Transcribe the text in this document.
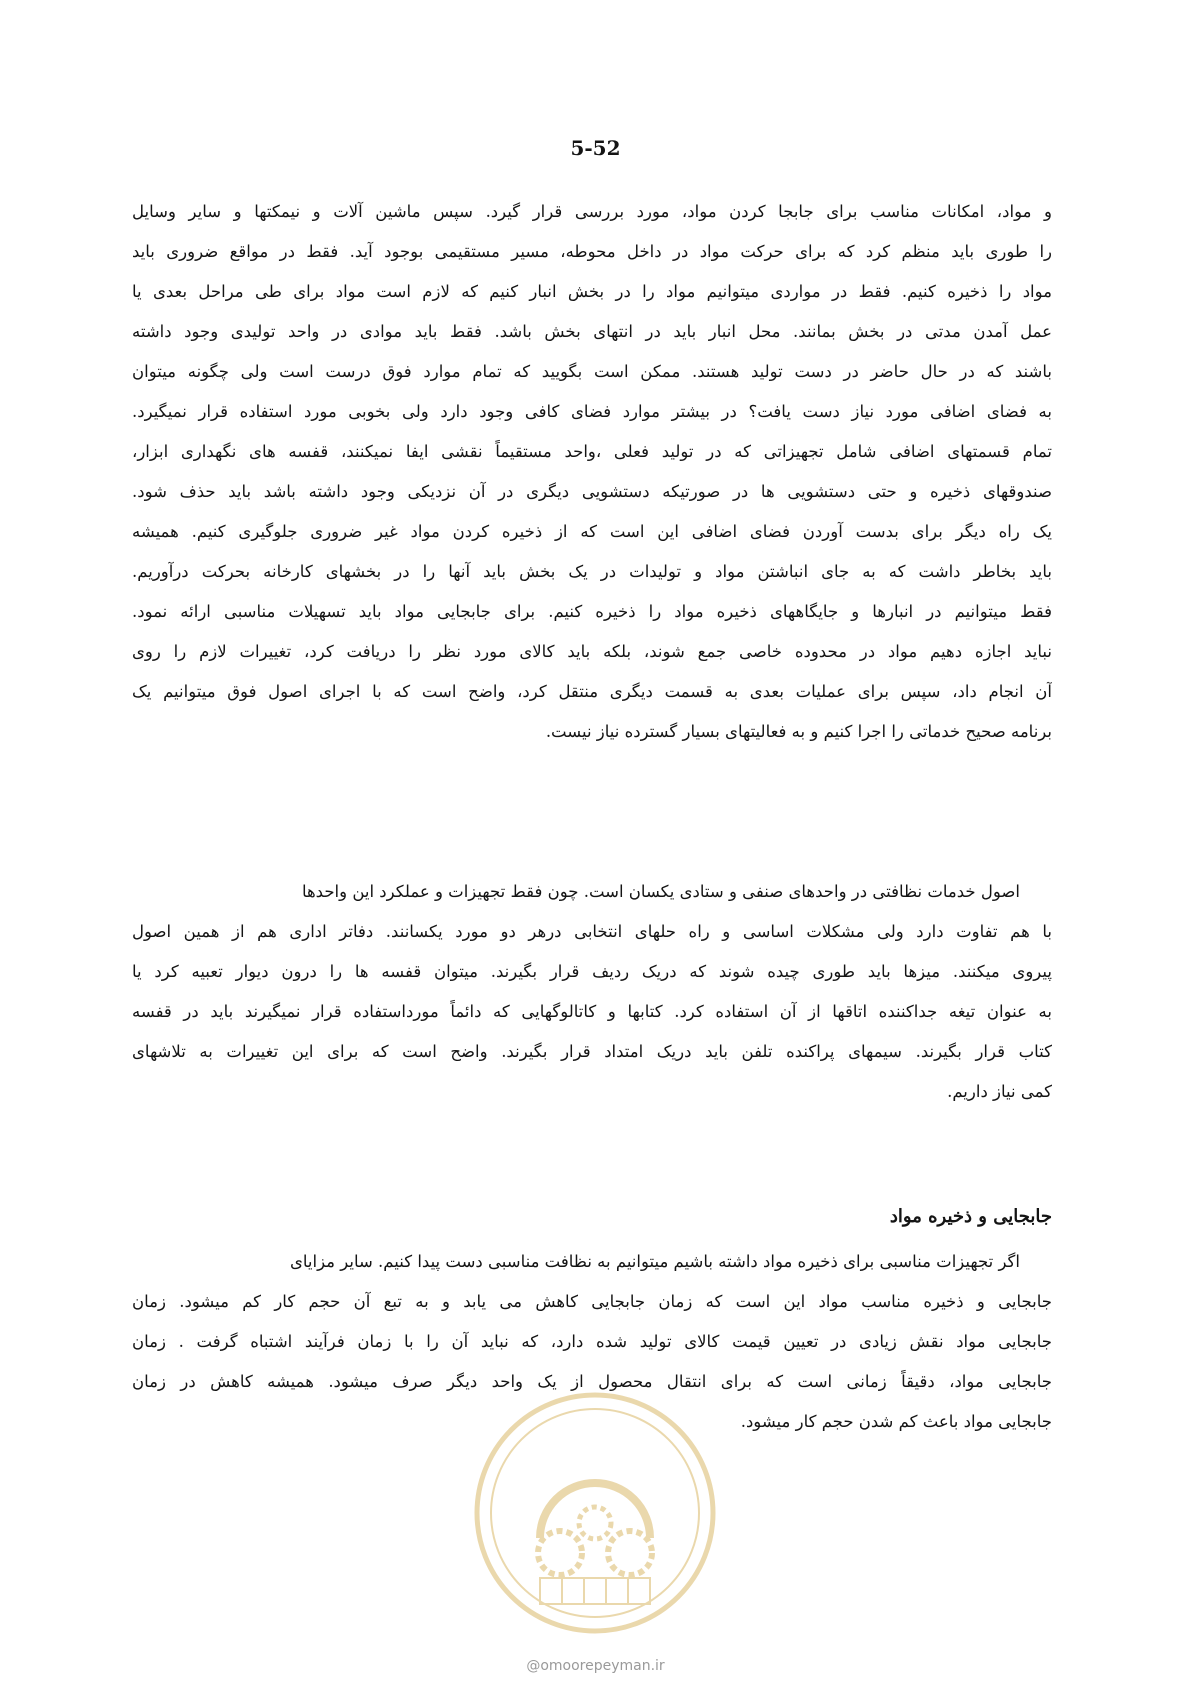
5-52
و مواد، امکانات مناسب برای جابجا کردن مواد، مورد بررسی قرار گیرد. سپس ماشین آلات و نیمکتها و سایر وسایل
را طوری باید منظم کرد که برای حرکت مواد در داخل محوطه، مسیر مستقیمی بوجود آید. فقط در مواقع ضروری باید
مواد را ذخیره کنیم. فقط در مواردی میتوانیم مواد را در بخش انبار کنیم که لازم است مواد برای طی مراحل بعدی یا
عمل آمدن مدتی در بخش بمانند. محل انبار باید در انتهای بخش باشد. فقط باید موادی در واحد تولیدی وجود داشته
باشند که در حال حاضر در دست تولید هستند. ممکن است بگویید که تمام موارد فوق درست است ولی چگونه میتوان
به فضای اضافی مورد نیاز دست یافت؟ در بیشتر موارد فضای کافی وجود دارد ولی بخوبی مورد استفاده قرار نمیگیرد.
تمام قسمتهای اضافی شامل تجهیزاتی که در تولید فعلی ،واحد مستقیماً نقشی ایفا نمیکنند، قفسه های نگهداری ابزار،
صندوقهای ذخیره و حتی دستشویی ها در صورتیکه دستشویی دیگری در آن نزدیکی وجود داشته باشد باید حذف شود.
یک راه دیگر برای بدست آوردن فضای اضافی این است که از ذخیره کردن مواد غیر ضروری جلوگیری کنیم. همیشه
باید بخاطر داشت که به جای انباشتن مواد و تولیدات در یک بخش باید آنها را در بخشهای کارخانه بحرکت درآوریم.
فقط میتوانیم در انبارها و جایگاههای ذخیره مواد را ذخیره کنیم. برای جابجایی مواد باید تسهیلات مناسبی ارائه نمود.
نباید اجازه دهیم مواد در محدوده خاصی جمع شوند، بلکه باید کالای مورد نظر را دریافت کرد، تغییرات لازم را روی
آن انجام داد، سپس برای عملیات بعدی به قسمت دیگری منتقل کرد، واضح است که با اجرای اصول فوق میتوانیم یک
برنامه صحیح خدماتی را اجرا کنیم و به فعالیتهای بسیار گسترده نیاز نیست.
اصول خدمات نظافتی در واحدهای صنفی و ستادی یکسان است. چون فقط تجهیزات و عملکرد این واحدها
با هم تفاوت دارد ولی مشکلات اساسی و راه حلهای انتخابی درهر دو مورد یکسانند. دفاتر اداری هم از همین اصول
پیروی میکنند. میزها باید طوری چیده شوند که دریک ردیف قرار بگیرند. میتوان قفسه ها را درون دیوار تعبیه کرد یا
به عنوان تیغه جداکننده اتاقها از آن استفاده کرد. کتابها و کاتالوگهایی که دائماً مورداستفاده قرار نمیگیرند باید در قفسه
کتاب قرار بگیرند. سیمهای پراکنده تلفن باید دریک امتداد قرار بگیرند. واضح است که برای این تغییرات به تلاشهای
کمی نیاز داریم.
جابجایی و ذخیره مواد
اگر تجهیزات مناسبی برای ذخیره مواد داشته باشیم میتوانیم به نظافت مناسبی دست پیدا کنیم. سایر مزایای
جابجایی و ذخیره مناسب مواد این است که زمان جابجایی کاهش می یابد و به تبع آن حجم کار کم میشود. زمان
جابجایی مواد نقش زیادی در تعیین قیمت کالای تولید شده دارد، که نباید آن را با زمان فرآیند اشتباه گرفت . زمان
جابجایی مواد، دقیقاً زمانی است که برای انتقال محصول از یک واحد دیگر صرف میشود. همیشه کاهش در زمان
جابجایی مواد باعث کم شدن حجم کار میشود.
@omoorepeyman.ir
